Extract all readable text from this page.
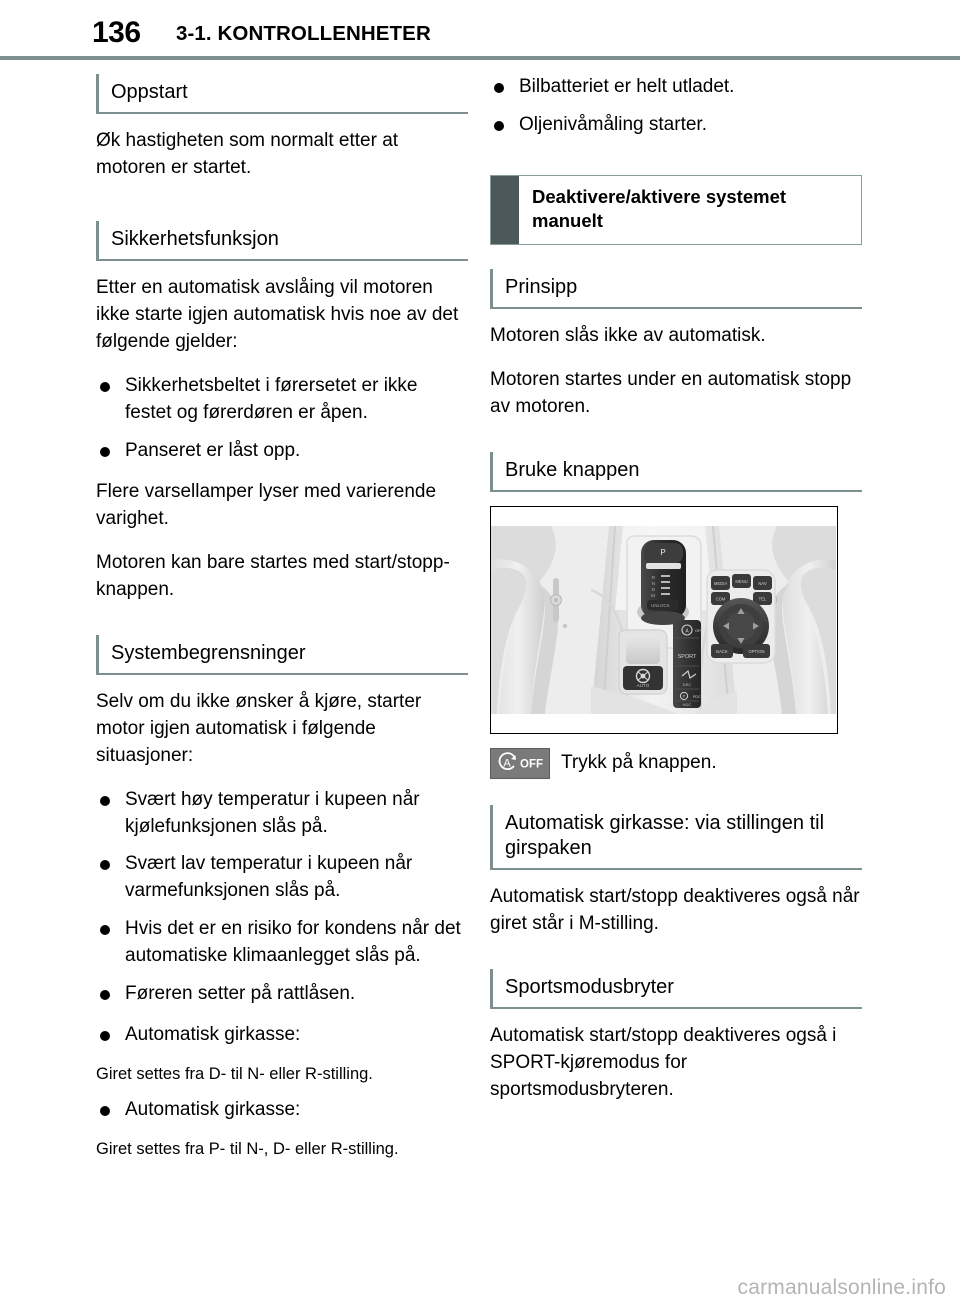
136 3-1. KONTROLLENHETER
Oppstart

Øk hastigheten som normalt etter at motoren er startet.

Sikkerhetsfunksjon

Etter en automatisk avslåing vil motoren ikke starte igjen automatisk hvis noe av det følgende gjelder:

Sikkerhetsbeltet i førersetet er ikke festet og førerdøren er åpen.
Panseret er låst opp.

Flere varsellamper lyser med varierende varighet.

Motoren kan bare startes med start/stopp-knappen.

Systembegrensninger

Selv om du ikke ønsker å kjøre, starter motor igjen automatisk i følgende situasjoner:

Svært høy temperatur i kupeen når kjølefunksjonen slås på.
Svært lav temperatur i kupeen når varmefunksjonen slås på.
Hvis det er en risiko for kondens når det automatiske klimaanlegget slås på.
Føreren setter på rattlåsen.
Automatisk girkasse:

Giret settes fra D- til N- eller R-stilling.

Automatisk girkasse:

Giret settes fra P- til N-, D- eller R-stilling.

Bilbatteriet er helt utladet.
Oljenivåmåling starter.
Deaktivere/aktivere systemet manuelt
Prinsipp

Motoren slås ikke av automatisk.

Motoren startes under en automatisk stopp av motoren.

Bruke knappen
P
R
N
D
M
UNLOCK
AUTO
A OFF
SPORT
DSC
P PDC
HDC
MEDIA MENU	NAV
COM	TEL
BACK	OPTION
A OFF Trykk på knappen.
Automatisk girkasse: via stillingen til girspaken

Automatisk start/stopp deaktiveres også når giret står i M-stilling.

Sportsmodusbryter

Automatisk start/stopp deaktiveres også i SPORT-kjøremodus for sportsmodusbryteren.

carmanualsonline.info
